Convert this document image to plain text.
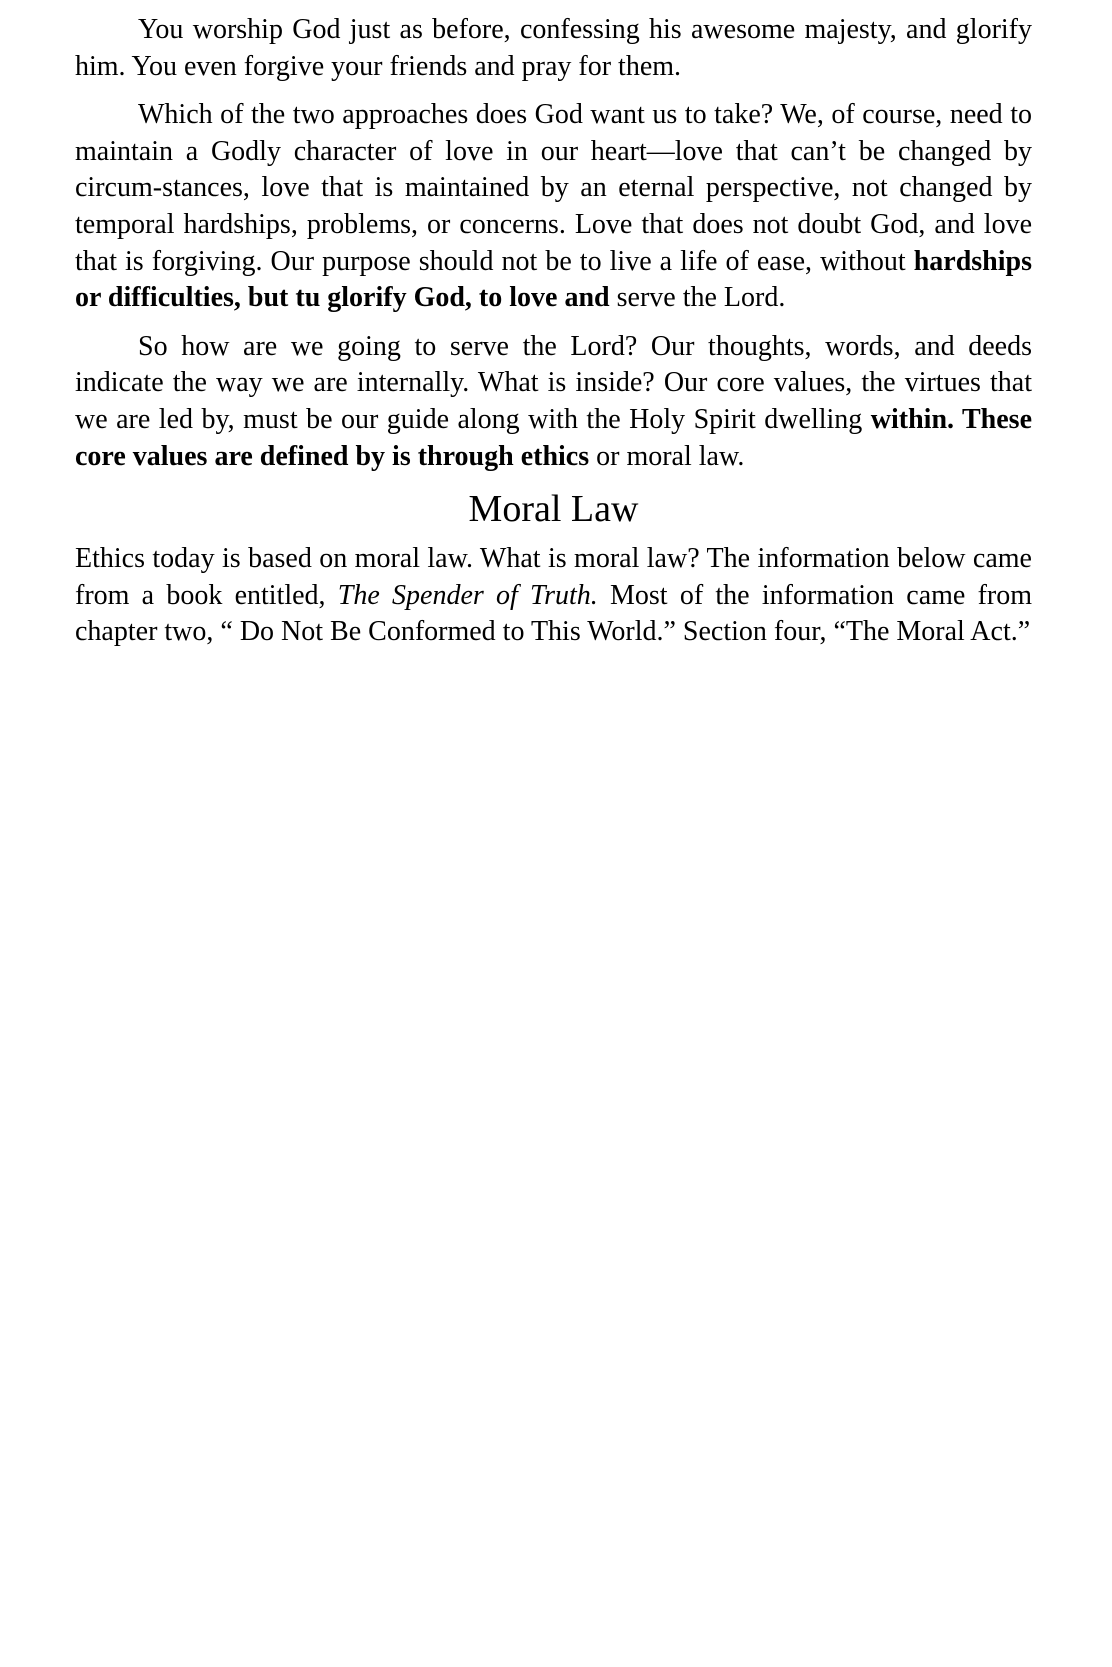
You worship God just as before, confessing his awesome majesty, and glorify him. You even forgive your friends and pray for them.

Which of the two approaches does God want us to take? We, of course, need to maintain a Godly character of love in our heart—love that can’t be changed by circum-stances, love that is maintained by an eternal perspective, not changed by temporal hardships, problems, or concerns. Love that does not doubt God, and love that is forgiving. Our purpose should not be to live a life of ease, without hardships or difficulties, but tu glorify God, to love and serve the Lord.

So how are we going to serve the Lord? Our thoughts, words, and deeds indicate the way we are internally. What is inside? Our core values, the virtues that we are led by, must be our guide along with the Holy Spirit dwelling within. These core values are defined by is through ethics or moral law.

Moral Law

Ethics today is based on moral law. What is moral law? The information below came from a book entitled, The Spender of Truth. Most of the information came from chapter two, “ Do Not Be Conformed to This World.” Section four, “The Moral Act.”
